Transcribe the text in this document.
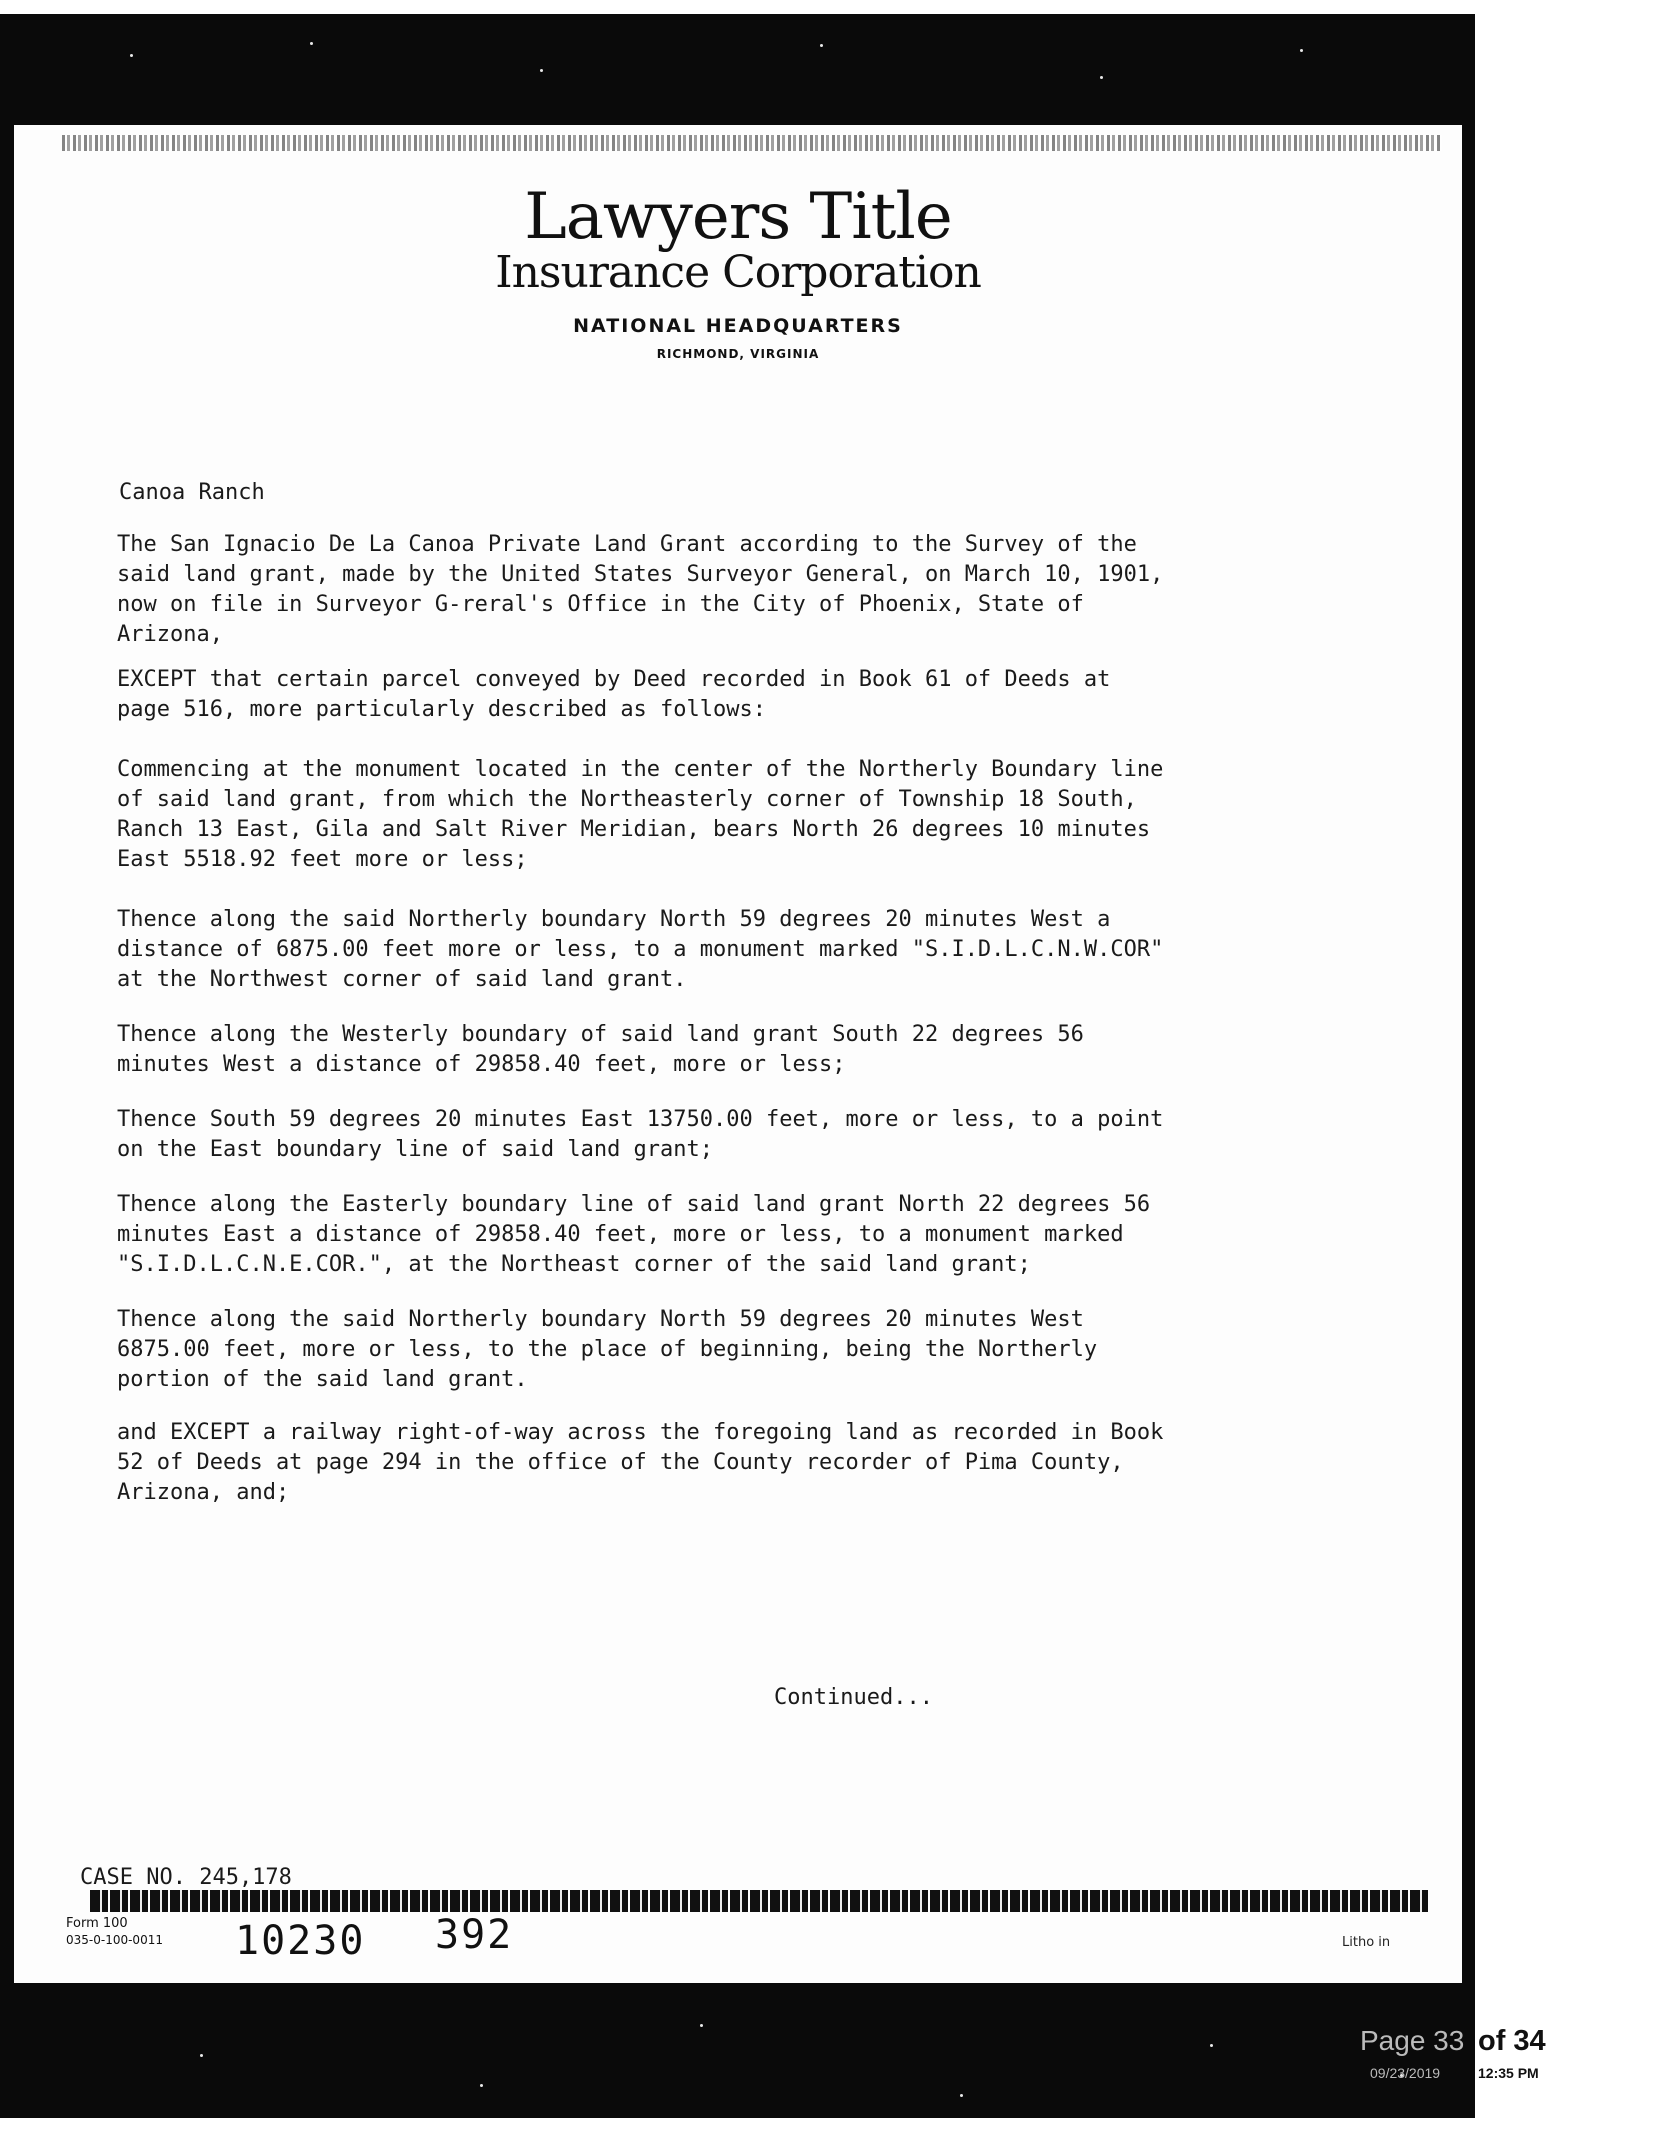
Lawyers Title
Insurance Corporation
NATIONAL HEADQUARTERS
RICHMOND, VIRGINIA
Canoa Ranch

The San Ignacio De La Canoa Private Land Grant according to the Survey of the
said land grant, made by the United States Surveyor General, on March 10, 1901,
now on file in Surveyor G-reral's Office in the City of Phoenix, State of
Arizona,

EXCEPT that certain parcel conveyed by Deed recorded in Book 61 of Deeds at
page 516, more particularly described as follows:

Commencing at the monument located in the center of the Northerly Boundary line
of said land grant, from which the Northeasterly corner of Township 18 South,
Ranch 13 East, Gila and Salt River Meridian, bears North 26 degrees 10 minutes
East 5518.92 feet more or less;

Thence along the said Northerly boundary North 59 degrees 20 minutes West a
distance of 6875.00 feet more or less, to a monument marked "S.I.D.L.C.N.W.COR"
at the Northwest corner of said land grant.

Thence along the Westerly boundary of said land grant South 22 degrees 56
minutes West a distance of 29858.40 feet, more or less;

Thence South 59 degrees 20 minutes East 13750.00 feet, more or less, to a point
on the East boundary line of said land grant;

Thence along the Easterly boundary line of said land grant North 22 degrees 56
minutes East a distance of 29858.40 feet, more or less, to a monument marked
"S.I.D.L.C.N.E.COR.", at the Northeast corner of the said land grant;

Thence along the said Northerly boundary North 59 degrees 20 minutes West
6875.00 feet, more or less, to the place of beginning, being the Northerly
portion of the said land grant.

and EXCEPT a railway right-of-way across the foregoing land as recorded in Book
52 of Deeds at page 294 in the office of the County recorder of Pima County,
Arizona, and;

Continued...
CASE NO. 245,178
Litho in
Form 100
035-0-100-0011 10230 392
Page 33 of 34
09/23/2019	12:35 PM
